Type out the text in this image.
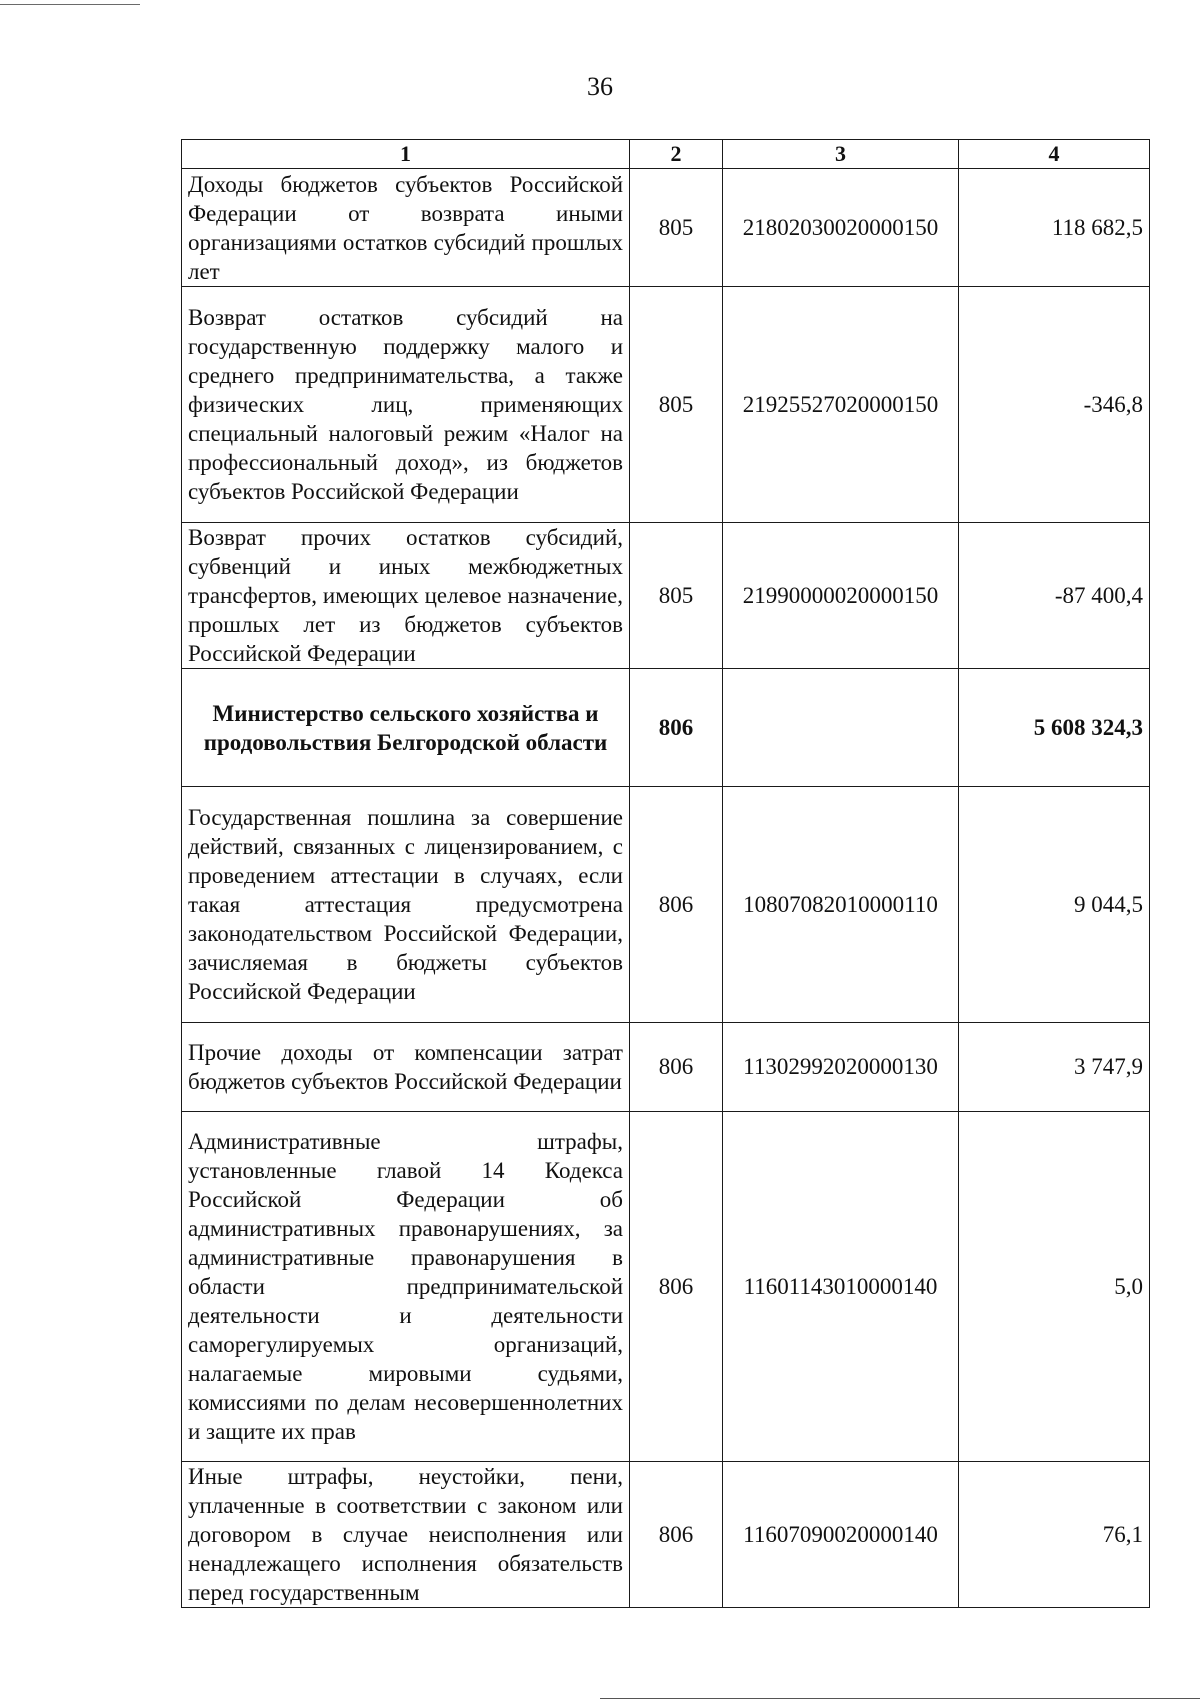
36
1	2	3	4
Доходы бюджетов субъектов Российской Федерации от возврата иными организациями остатков субсидий прошлых лет	805	21802030020000150	118 682,5
Возврат остатков субсидий на государственную поддержку малого и среднего предпринимательства, а также физических лиц, применяющих специальный налоговый режим «Налог на профессиональный доход», из бюджетов субъектов Российской Федерации	805	21925527020000150	-346,8
Возврат прочих остатков субсидий, субвенций и иных межбюджетных трансфертов, имеющих целевое назначение, прошлых лет из бюджетов субъектов Российской Федерации	805	21990000020000150	-87 400,4
Министерство сельского хозяйства и продовольствия Белгородской области	806		5 608 324,3
Государственная пошлина за совершение действий, связанных с лицензированием, с проведением аттестации в случаях, если такая аттестация предусмотрена законодательством Российской Федерации, зачисляемая в бюджеты субъектов Российской Федерации	806	10807082010000110	9 044,5
Прочие доходы от компенсации затрат бюджетов субъектов Российской Федерации	806	11302992020000130	3 747,9
Административные штрафы, установленные главой 14 Кодекса Российской Федерации об административных правонарушениях, за административные правонарушения в области предпринимательской деятельности и деятельности саморегулируемых организаций, налагаемые мировыми судьями, комиссиями по делам несовершеннолетних и защите их прав	806	11601143010000140	5,0
Иные штрафы, неустойки, пени, уплаченные в соответствии с законом или договором в случае неисполнения или ненадлежащего исполнения обязательств перед государственным	806	11607090020000140	76,1
